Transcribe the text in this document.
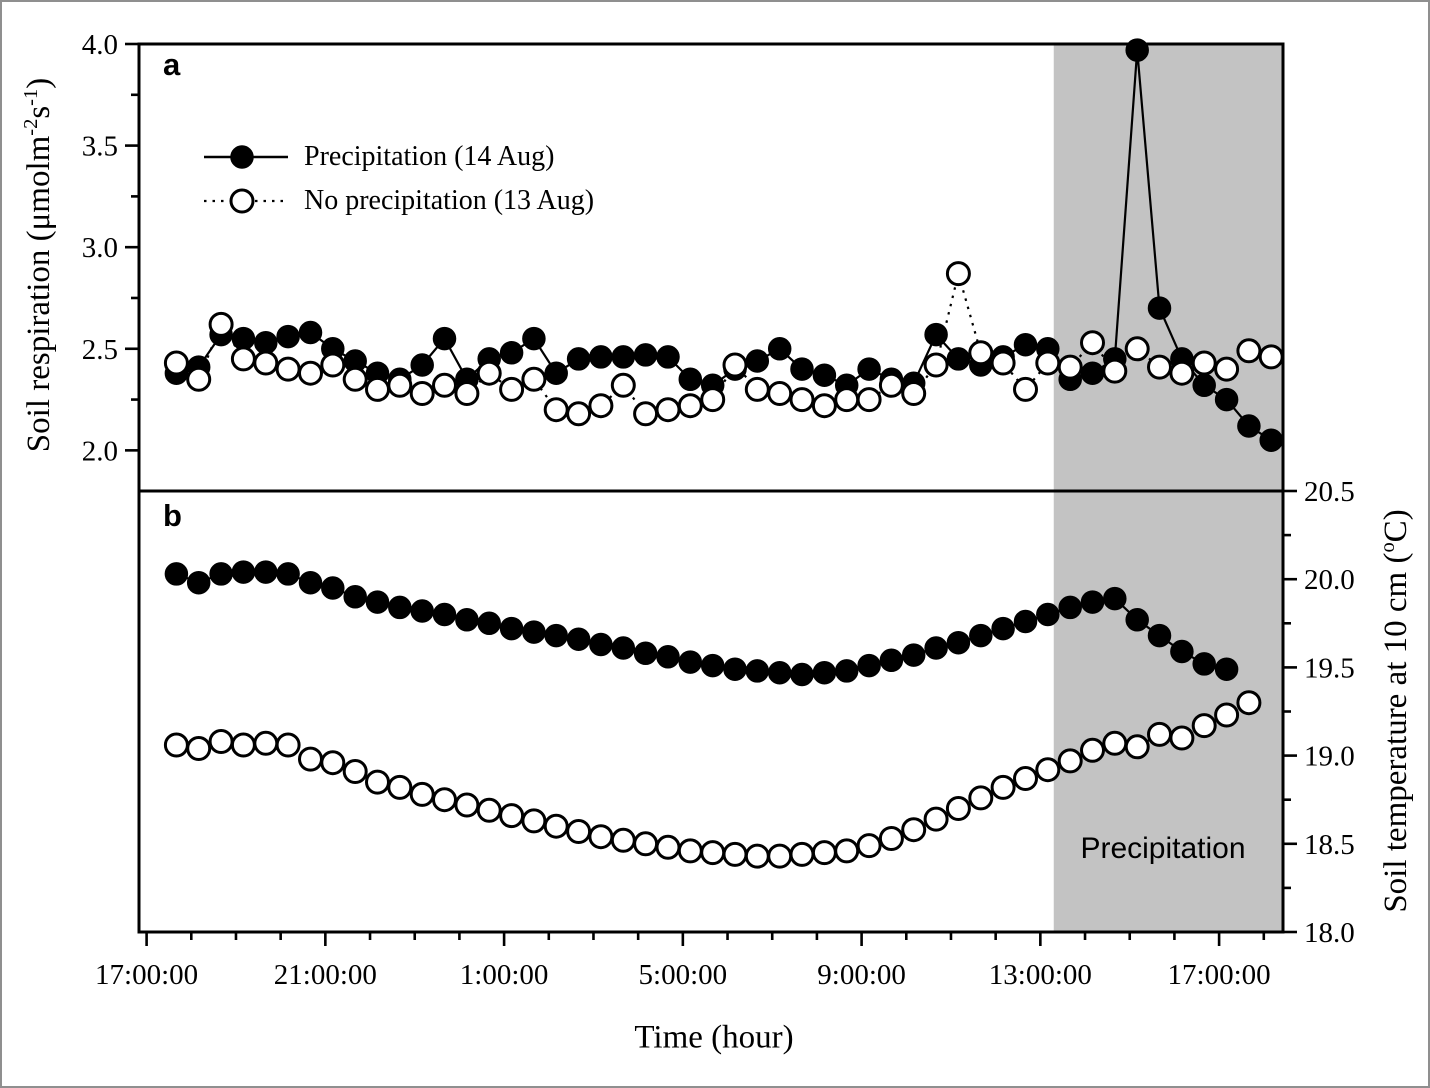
17:00:00	21:00:00	1:00:00	5:00:00	9:00:00	13:00:00	17:00:00
2.0
2.5
3.0
3.5
4.0
18.0
18.5
19.0
19.5
20.0
20.5
Soil respiration $(\mu molm^{-2}s^{-1})$
Soil temperature at 10 cm ($^o$C)
Time (hour)
a
b
Precipitation
Precipitation (14 Aug)
No precipitation (13 Aug)
